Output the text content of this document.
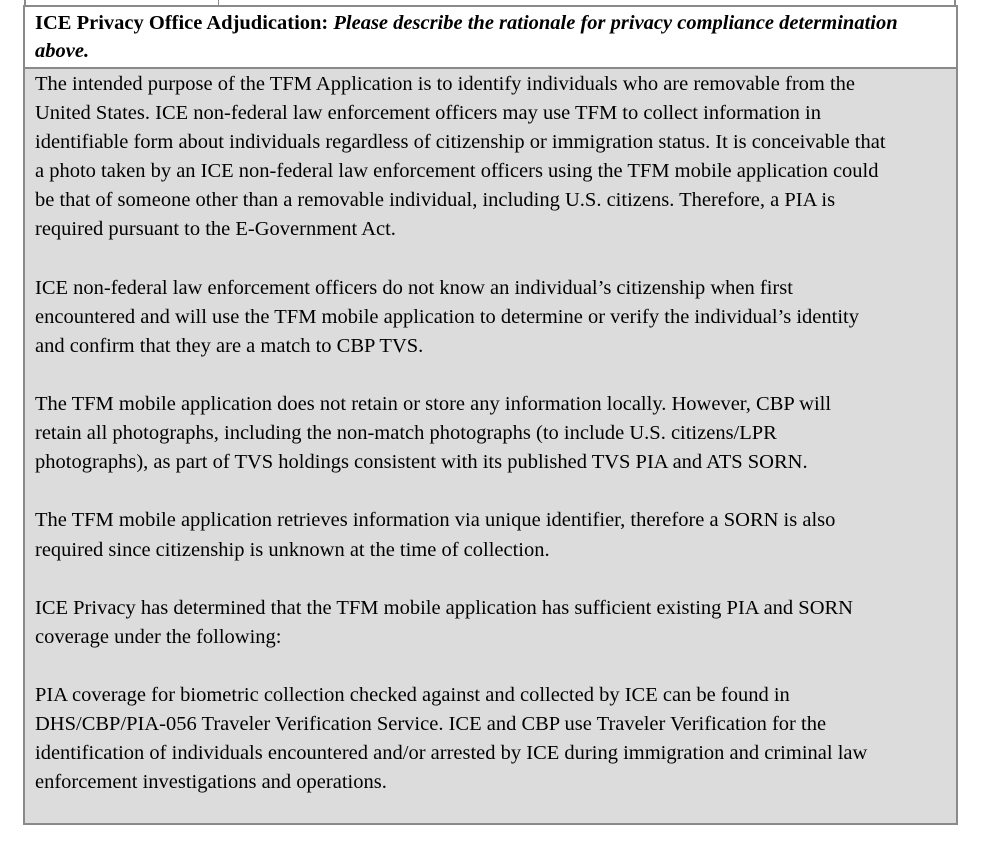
ICE Privacy Office Adjudication: Please describe the rationale for privacy compliance determination above.

The intended purpose of the TFM Application is to identify individuals who are removable from the
United States. ICE non-federal law enforcement officers may use TFM to collect information in
identifiable form about individuals regardless of citizenship or immigration status. It is conceivable that
a photo taken by an ICE non-federal law enforcement officers using the TFM mobile application could
be that of someone other than a removable individual, including U.S. citizens. Therefore, a PIA is
required pursuant to the E-Government Act.

ICE non-federal law enforcement officers do not know an individual’s citizenship when first
encountered and will use the TFM mobile application to determine or verify the individual’s identity
and confirm that they are a match to CBP TVS.

The TFM mobile application does not retain or store any information locally. However, CBP will
retain all photographs, including the non-match photographs (to include U.S. citizens/LPR
photographs), as part of TVS holdings consistent with its published TVS PIA and ATS SORN.

The TFM mobile application retrieves information via unique identifier, therefore a SORN is also
required since citizenship is unknown at the time of collection.

ICE Privacy has determined that the TFM mobile application has sufficient existing PIA and SORN
coverage under the following:

PIA coverage for biometric collection checked against and collected by ICE can be found in
DHS/CBP/PIA-056 Traveler Verification Service. ICE and CBP use Traveler Verification for the
identification of individuals encountered and/or arrested by ICE during immigration and criminal law
enforcement investigations and operations.
